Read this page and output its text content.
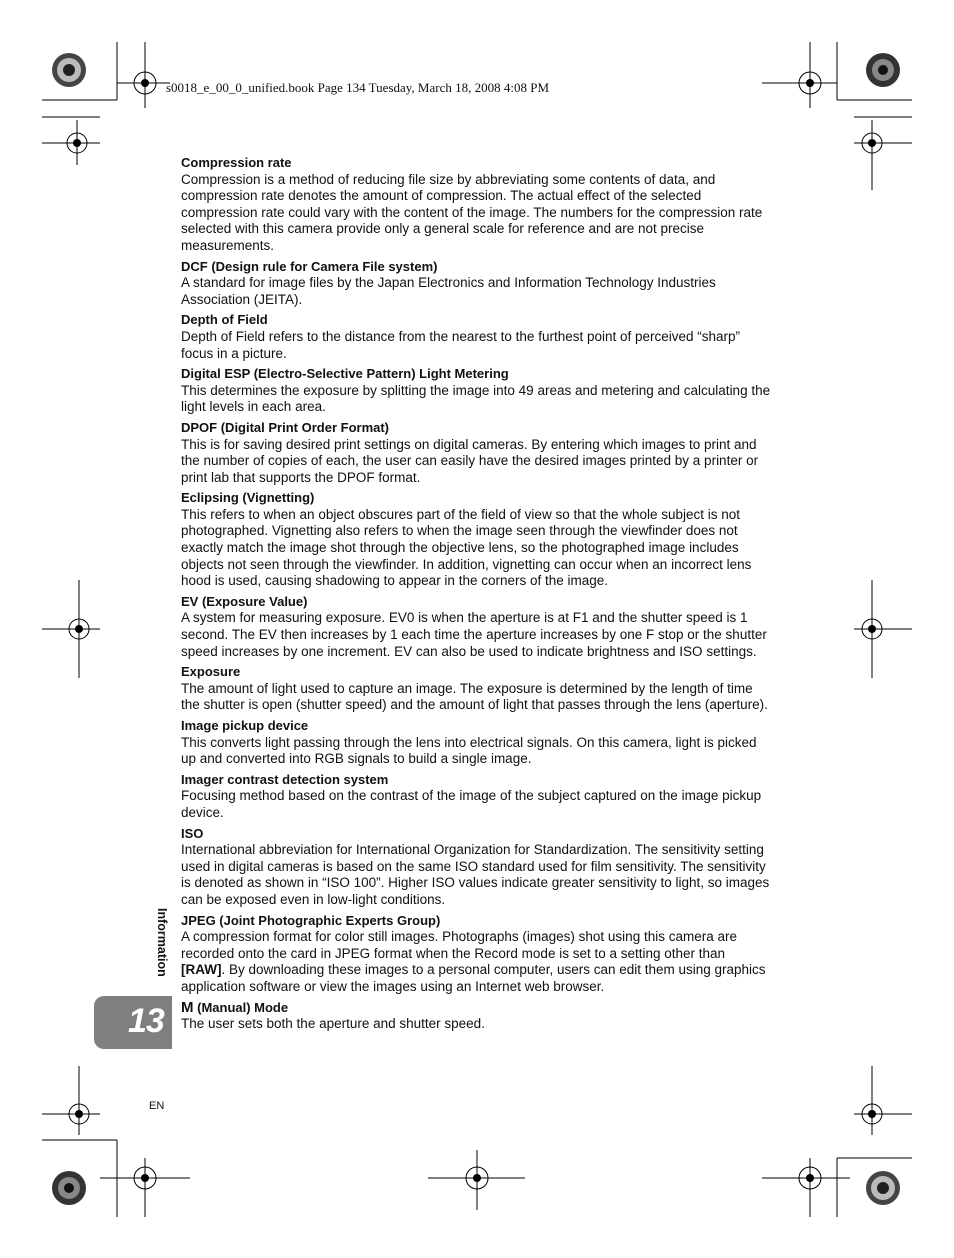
s0018_e_00_0_unified.book Page 134 Tuesday, March 18, 2008 4:08 PM
Compression rate
Compression is a method of reducing file size by abbreviating some contents of data, and compression rate denotes the amount of compression. The actual effect of the selected compression rate could vary with the content of the image. The numbers for the compression rate selected with this camera provide only a general scale for reference and are not precise measurements.
DCF (Design rule for Camera File system)
A standard for image files by the Japan Electronics and Information Technology Industries Association (JEITA).
Depth of Field
Depth of Field refers to the distance from the nearest to the furthest point of perceived “sharp” focus in a picture.
Digital ESP (Electro-Selective Pattern) Light Metering
This determines the exposure by splitting the image into 49 areas and metering and calculating the light levels in each area.
DPOF (Digital Print Order Format)
This is for saving desired print settings on digital cameras. By entering which images to print and the number of copies of each, the user can easily have the desired images printed by a printer or print lab that supports the DPOF format.
Eclipsing (Vignetting)
This refers to when an object obscures part of the field of view so that the whole subject is not photographed. Vignetting also refers to when the image seen through the viewfinder does not exactly match the image shot through the objective lens, so the photographed image includes objects not seen through the viewfinder. In addition, vignetting can occur when an incorrect lens hood is used, causing shadowing to appear in the corners of the image.
EV (Exposure Value)
A system for measuring exposure. EV0 is when the aperture is at F1 and the shutter speed is 1 second. The EV then increases by 1 each time the aperture increases by one F stop or the shutter speed increases by one increment. EV can also be used to indicate brightness and ISO settings.
Exposure
The amount of light used to capture an image. The exposure is determined by the length of time the shutter is open (shutter speed) and the amount of light that passes through the lens (aperture).
Image pickup device
This converts light passing through the lens into electrical signals. On this camera, light is picked up and converted into RGB signals to build a single image.
Imager contrast detection system
Focusing method based on the contrast of the image of the subject captured on the image pickup device.
ISO
International abbreviation for International Organization for Standardization. The sensitivity setting used in digital cameras is based on the same ISO standard used for film sensitivity. The sensitivity is denoted as shown in “ISO 100”. Higher ISO values indicate greater sensitivity to light, so images can be exposed even in low-light conditions.
JPEG (Joint Photographic Experts Group)
A compression format for color still images. Photographs (images) shot using this camera are recorded onto the card in JPEG format when the Record mode is set to a setting other than [RAW]. By downloading these images to a personal computer, users can edit them using graphics application software or view the images using an Internet web browser.
M (Manual) Mode
The user sets both the aperture and shutter speed.
Information
13
EN
